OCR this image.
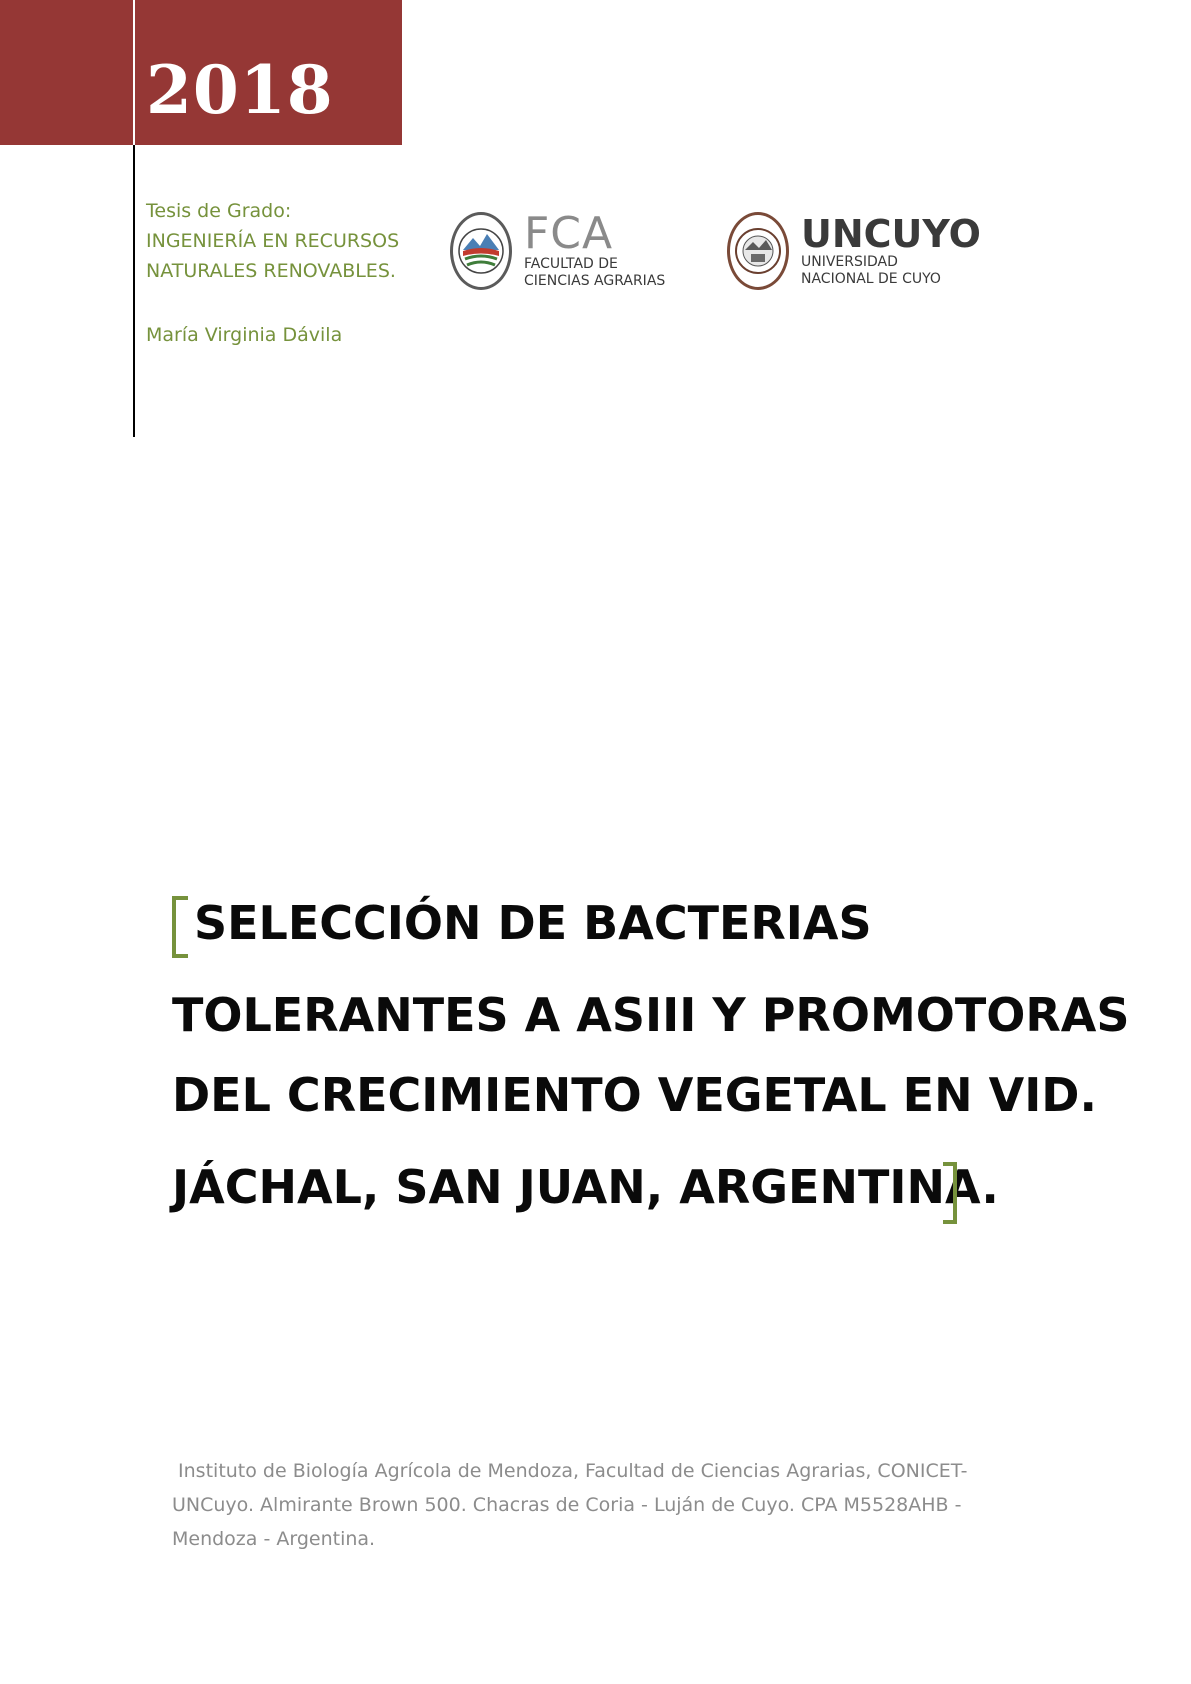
2018
Tesis de Grado:
INGENIERÍA EN RECURSOS
NATURALES RENOVABLES.
María Virginia Dávila
FCA
FACULTAD DE
CIENCIAS AGRARIAS
UNCUYO
UNIVERSIDAD
NACIONAL DE CUYO
SELECCIÓN DE BACTERIAS
TOLERANTES A ASIII Y PROMOTORAS
DEL CRECIMIENTO VEGETAL EN VID.
JÁCHAL, SAN JUAN, ARGENTINA.
Instituto de Biología Agrícola de Mendoza, Facultad de Ciencias Agrarias, CONICET-
UNCuyo. Almirante Brown 500. Chacras de Coria - Luján de Cuyo. CPA M5528AHB -
Mendoza - Argentina.
